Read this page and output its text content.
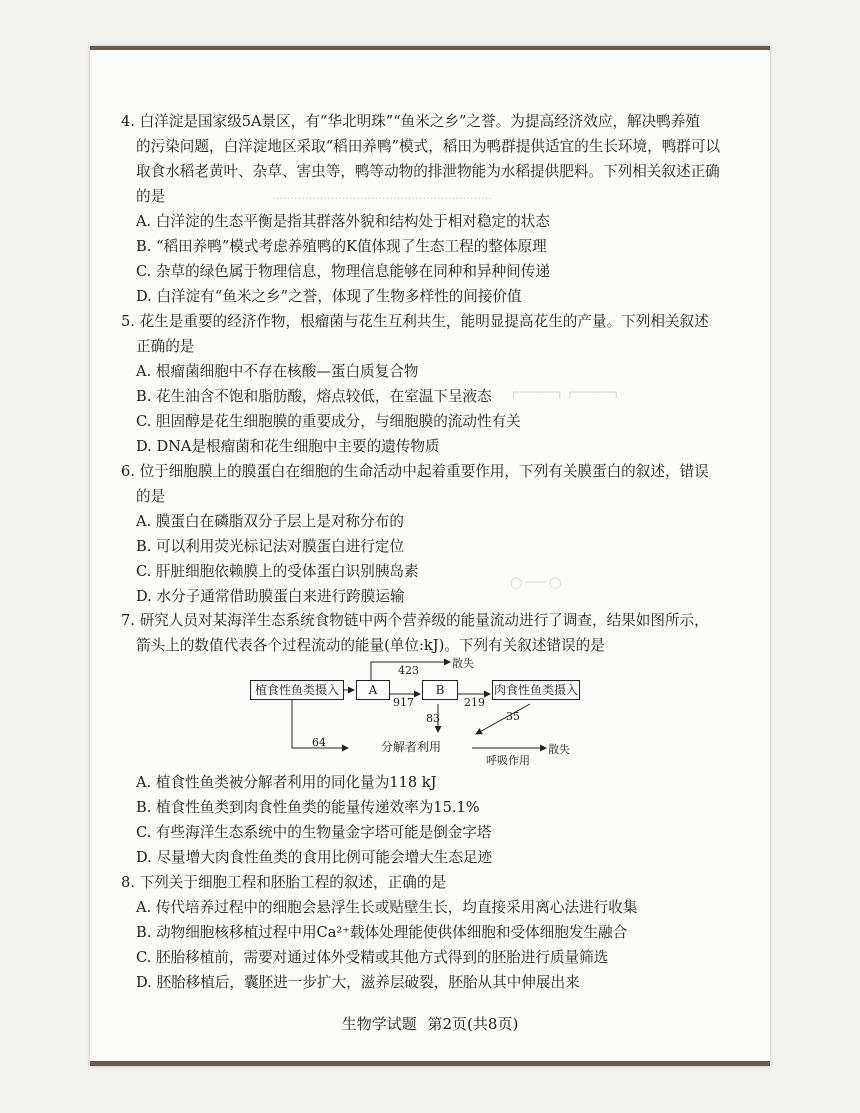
……………………………………………………
┌──────┐ ┌──────┐
◯ ─── ◯
4. 白洋淀是国家级5A景区，有“华北明珠”“鱼米之乡”之誉。为提高经济效应，解决鸭养殖
的污染问题，白洋淀地区采取“稻田养鸭”模式，稻田为鸭群提供适宜的生长环境，鸭群可以
取食水稻老黄叶、杂草、害虫等，鸭等动物的排泄物能为水稻提供肥料。下列相关叙述正确
的是
A. 白洋淀的生态平衡是指其群落外貌和结构处于相对稳定的状态
B. “稻田养鸭”模式考虑养殖鸭的K值体现了生态工程的整体原理
C. 杂草的绿色属于物理信息，物理信息能够在同种和异种间传递
D. 白洋淀有“鱼米之乡”之誉，体现了生物多样性的间接价值
5. 花生是重要的经济作物，根瘤菌与花生互利共生，能明显提高花生的产量。下列相关叙述
正确的是
A. 根瘤菌细胞中不存在核酸—蛋白质复合物
B. 花生油含不饱和脂肪酸，熔点较低，在室温下呈液态
C. 胆固醇是花生细胞膜的重要成分，与细胞膜的流动性有关
D. DNA是根瘤菌和花生细胞中主要的遗传物质
6. 位于细胞膜上的膜蛋白在细胞的生命活动中起着重要作用，下列有关膜蛋白的叙述，错误
的是
A. 膜蛋白在磷脂双分子层上是对称分布的
B. 可以利用荧光标记法对膜蛋白进行定位
C. 肝脏细胞依赖膜上的受体蛋白识别胰岛素
D. 水分子通常借助膜蛋白来进行跨膜运输
7. 研究人员对某海洋生态系统食物链中两个营养级的能量流动进行了调查，结果如图所示，
箭头上的数值代表各个过程流动的能量(单位:kJ)。下列有关叙述错误的是
植食性鱼类摄入	A	B	肉食性鱼类摄入
分解者利用
散失
散失
呼吸作用
423
917	219
83	35
64
A. 植食性鱼类被分解者利用的同化量为118 kJ
B. 植食性鱼类到肉食性鱼类的能量传递效率为15.1%
C. 有些海洋生态系统中的生物量金字塔可能是倒金字塔
D. 尽量增大肉食性鱼类的食用比例可能会增大生态足迹
8. 下列关于细胞工程和胚胎工程的叙述，正确的是
A. 传代培养过程中的细胞会悬浮生长或贴壁生长，均直接采用离心法进行收集
B. 动物细胞核移植过程中用Ca²⁺载体处理能使供体细胞和受体细胞发生融合
C. 胚胎移植前，需要对通过体外受精或其他方式得到的胚胎进行质量筛选
D. 胚胎移植后，囊胚进一步扩大，滋养层破裂，胚胎从其中伸展出来
生物学试题 第2页(共8页)
